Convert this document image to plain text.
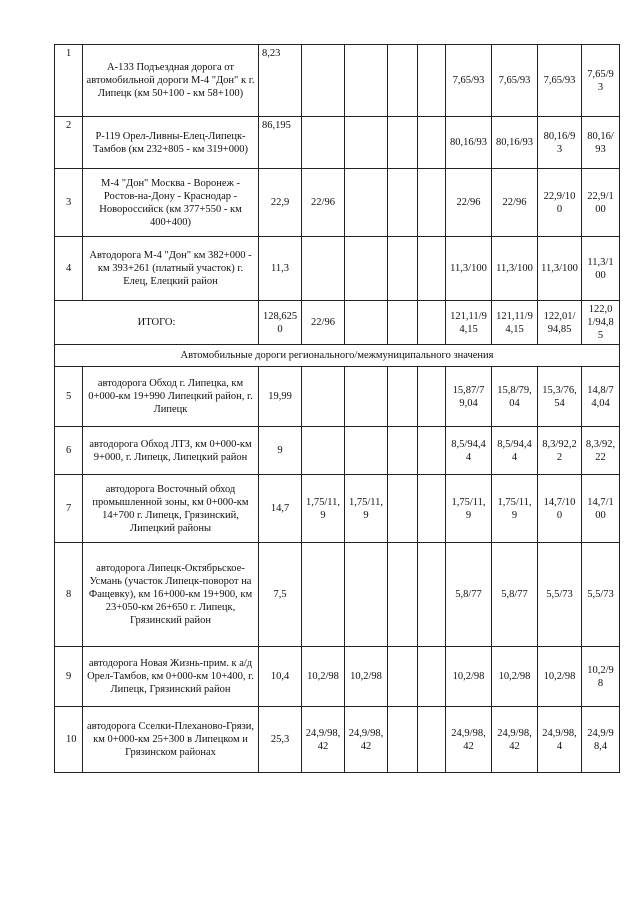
1	А-133 Подъездная дорога от автомобильной дороги М-4 "Дон" к г. Липецк (км 50+100 - км 58+100)	8,23					7,65/93	7,65/93	7,65/93	7,65/93
2	Р-119 Орел-Ливны-Елец-Липецк-Тамбов (км 232+805 - км 319+000)	86,195					80,16/93	80,16/93	80,16/93	80,16/93
3	М-4 "Дон" Москва - Воронеж - Ростов-на-Дону - Краснодар - Новороссийск (км 377+550 - км 400+400)	22,9	22/96				22/96	22/96	22,9/100	22,9/100
4	Автодорога М-4 "Дон" км 382+000 - км 393+261 (платный участок) г. Елец, Елецкий район	11,3					11,3/100	11,3/100	11,3/100	11,3/100
ИТОГО:		128,6250	22/96				121,11/94,15	121,11/94,15	122,01/94,85	122,01/94,85
Автомобильные дороги регионального/межмуниципального значения										
5	автодорога Обход г. Липецка, км 0+000-км 19+990 Липецкий район, г. Липецк	19,99					15,87/79,04	15,8/79,04	15,3/76,54	14,8/74,04
6	автодорога Обход ЛТЗ, км 0+000-км 9+000, г. Липецк, Липецкий район	9					8,5/94,44	8,5/94,44	8,3/92,22	8,3/92,22
7	автодорога Восточный обход промышленной зоны, км 0+000-км 14+700 г. Липецк, Грязинский, Липецкий районы	14,7	1,75/11,9	1,75/11,9			1,75/11,9	1,75/11,9	14,7/100	14,7/100
8	автодорога Липецк-Октябрьское-Усмань (участок Липецк-поворот на Фащевку), км 16+000-км 19+900, км 23+050-км 26+650 г. Липецк, Грязинский район	7,5					5,8/77	5,8/77	5,5/73	5,5/73
9	автодорога Новая Жизнь-прим. к а/д Орел-Тамбов, км 0+000-км 10+400, г. Липецк, Грязинский район	10,4	10,2/98	10,2/98			10,2/98	10,2/98	10,2/98	10,2/98
10	автодорога Сселки-Плеханово-Грязи, км 0+000-км 25+300 в Липецком и Грязинском районах	25,3	24,9/98,42	24,9/98,42			24,9/98,42	24,9/98,42	24,9/98,4	24,9/98,4
